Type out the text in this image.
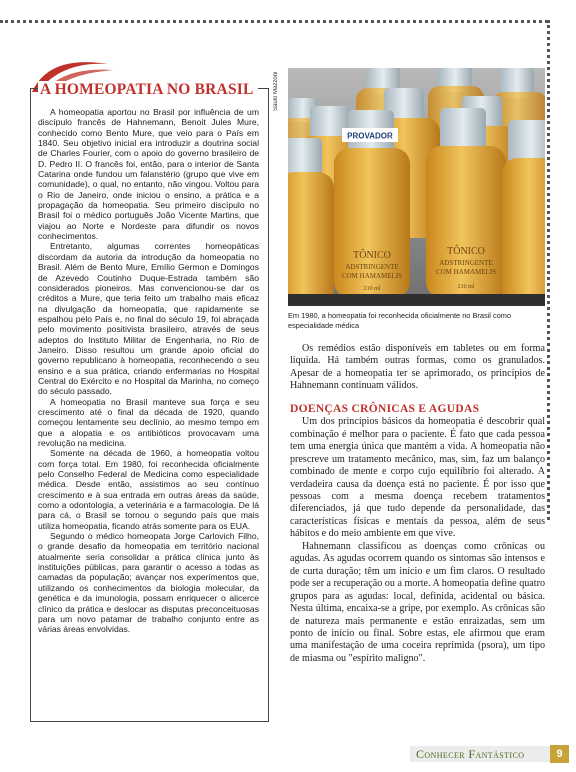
A HOMEOPATIA NO BRASIL

A homeopatia aportou no Brasil por influência de um discípulo francês de Hahnemann, Benoit Jules Mure, conhecido como Bento Mure, que veio para o País em 1840. Seu objetivo inicial era introduzir a doutrina social de Charles Fourier, com o apoio do governo brasileiro de D. Pedro II. O francês foi, então, para o interior de Santa Catarina onde fundou um falanstério (grupo que vive em comunidade), o qual, no entanto, não vingou. Voltou para o Rio de Janeiro, onde iniciou o ensino, a prática e a propagação da homeopatia. Seu primeiro discípulo no Brasil foi o médico português João Vicente Martins, que viajou ao Norte e Nordeste para difundir os novos conhecimentos.

Entretanto, algumas correntes homeopáticas discordam da autoria da introdução da homeopatia no Brasil. Além de Bento Mure, Emílio Germon e Domingos de Azevedo Coutinho Duque-Estrada também são considerados pioneiros. Mas convencionou-se dar os créditos a Mure, que teria feito um trabalho mais eficaz na divulgação da homeopatia, que rapidamente se espalhou pelo País e, no final do século 19, foi abraçada pelo movimento positivista brasileiro, através de seus adeptos do Instituto Militar de Engenharia, no Rio de Janeiro. Disso resultou um grande apoio oficial do governo republicano à homeopatia, reconhecendo o seu ensino e a sua prática, criando enfermarias no Hospital Central do Exército e no Hospital da Marinha, no começo do século passado.

A homeopatia no Brasil manteve sua força e seu crescimento até o final da década de 1920, quando começou lentamente seu declínio, ao mesmo tempo em que a alopatia e os antibióticos provocavam uma revolução na medicina.

Somente na década de 1960, a homeopatia voltou com força total. Em 1980, foi reconhecida oficialmente pelo Conselho Federal de Medicina como especialidade médica. Desde então, assistimos ao seu contínuo crescimento e à sua entrada em outras áreas da saúde, como a odontologia, a veterinária e a farmacologia. De lá para cá, o Brasil se tornou o segundo país que mais utiliza homeopatia, ficando atrás somente para os EUA.

Segundo o médico homeopata Jorge Carlovich Filho, o grande desafio da homeopatia em território nacional atualmente seria consolidar a prática clínica junto às instituições públicas, para garantir o acesso a todas as camadas da população; avançar nos experimentos que, utilizando os conhecimentos da biologia molecular, da genética e da imunologia, possam enriquecer o alicerce clínico da prática e deslocar as disputas preconceituosas para um novo patamar de trabalho conjunto entre as várias áreas envolvidas.

Saulo Mazzoni
PROVADOR
TÔNICO
ADSTRINGENTE
COM HAMAMELIS
210 ml
TÔNICO
ADSTRINGENTE
COM HAMAMELIS
210 ml
Em 1980, a homeopatia foi reconhecida oficialmente no Brasil como especialidade médica

Os remédios estão disponíveis em tabletes ou em forma líquida. Há também outras formas, como os granulados. Apesar de a homeopatia ter se aprimorado, os princípios de Hahnemann continuam válidos.

DOENÇAS CRÔNICAS E AGUDAS

Um dos princípios básicos da homeopatia é descobrir qual combinação é melhor para o paciente. É fato que cada pessoa tem uma energia única que mantém a vida. A homeopatia não prescreve um tratamento mecânico, mas, sim, faz um balanço combinado de mente e corpo cujo equilíbrio foi alterado. A verdadeira causa da doença está no paciente. É por isso que pessoas com a mesma doença recebem tratamentos diferenciados, já que tudo depende da personalidade, das características físicas e mentais da pessoa, além de seus hábitos e do meio ambiente em que vive.

Hahnemann classificou as doenças como crônicas ou agudas. As agudas ocorrem quando os sintomas são intensos e de curta duração; têm um início e um fim claros. O resultado pode ser a recuperação ou a morte. A homeopatia define quatro grupos para as agudas: local, definida, acidental ou básica. Nesta última, encaixa-se a gripe, por exemplo. As crônicas são de natureza mais permanente e estão enraizadas, sem um ponto de início ou final. Sobre estas, ele afirmou que eram uma manifestação de uma coceira reprimida (psora), um tipo de miasma ou "espírito maligno".

Conhecer Fantástico	9
